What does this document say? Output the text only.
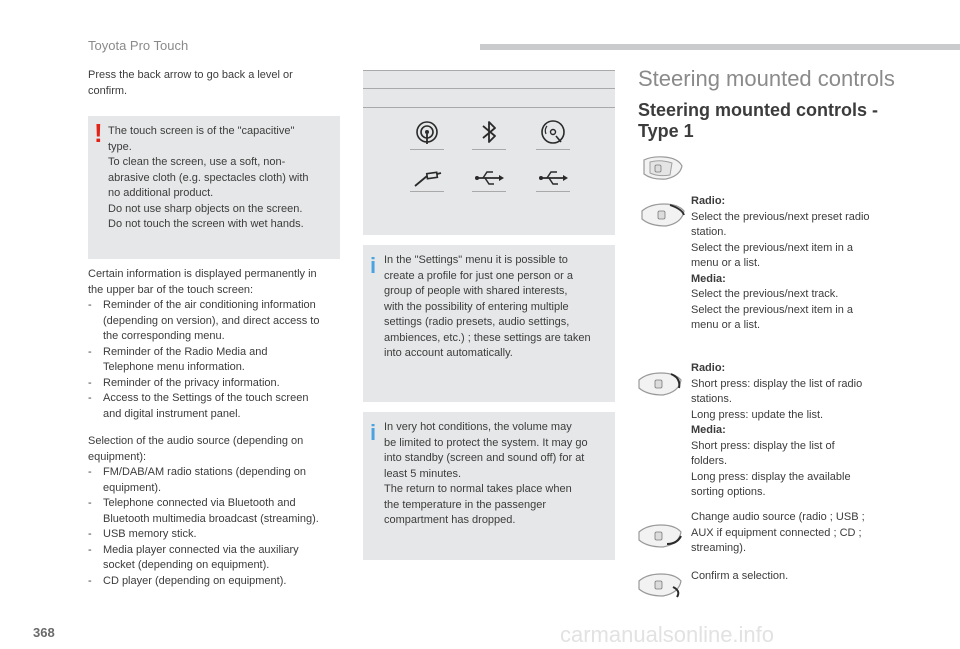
Toyota Pro Touch

Press the back arrow to go back a level or
confirm.

! The touch screen is of the "capacitive"
type.
To clean the screen, use a soft, non-
abrasive cloth (e.g. spectacles cloth) with
no additional product.
Do not use sharp objects on the screen.
Do not touch the screen with wet hands.
Certain information is displayed permanently in
the upper bar of the touch screen:
- Reminder of the air conditioning information
(depending on version), and direct access to
the corresponding menu.
- Reminder of the Radio Media and
Telephone menu information.
- Reminder of the privacy information.
- Access to the Settings of the touch screen
and digital instrument panel.
Selection of the audio source (depending on
equipment):
- FM/DAB/AM radio stations (depending on
equipment).
- Telephone connected via Bluetooth and
Bluetooth multimedia broadcast (streaming).
- USB memory stick.
- Media player connected via the auxiliary
socket (depending on equipment).
- CD player (depending on equipment).
i In the "Settings" menu it is possible to
create a profile for just one person or a
group of people with shared interests,
with the possibility of entering multiple
settings (radio presets, audio settings,
ambiences, etc.) ; these settings are taken
into account automatically.
i In very hot conditions, the volume may
be limited to protect the system. It may go
into standby (screen and sound off) for at
least 5 minutes.
The return to normal takes place when
the temperature in the passenger
compartment has dropped.
Steering mounted controls
Steering mounted controls -
Type 1
Radio:
Select the previous/next preset radio
station.
Select the previous/next item in a
menu or a list.
Media:
Select the previous/next track.
Select the previous/next item in a
menu or a list.
Radio:
Short press: display the list of radio
stations.
Long press: update the list.
Media:
Short press: display the list of
folders.
Long press: display the available
sorting options.
Change audio source (radio ; USB ;
AUX if equipment connected ; CD ;
streaming).
Confirm a selection.
368	carmanualsonline.info
